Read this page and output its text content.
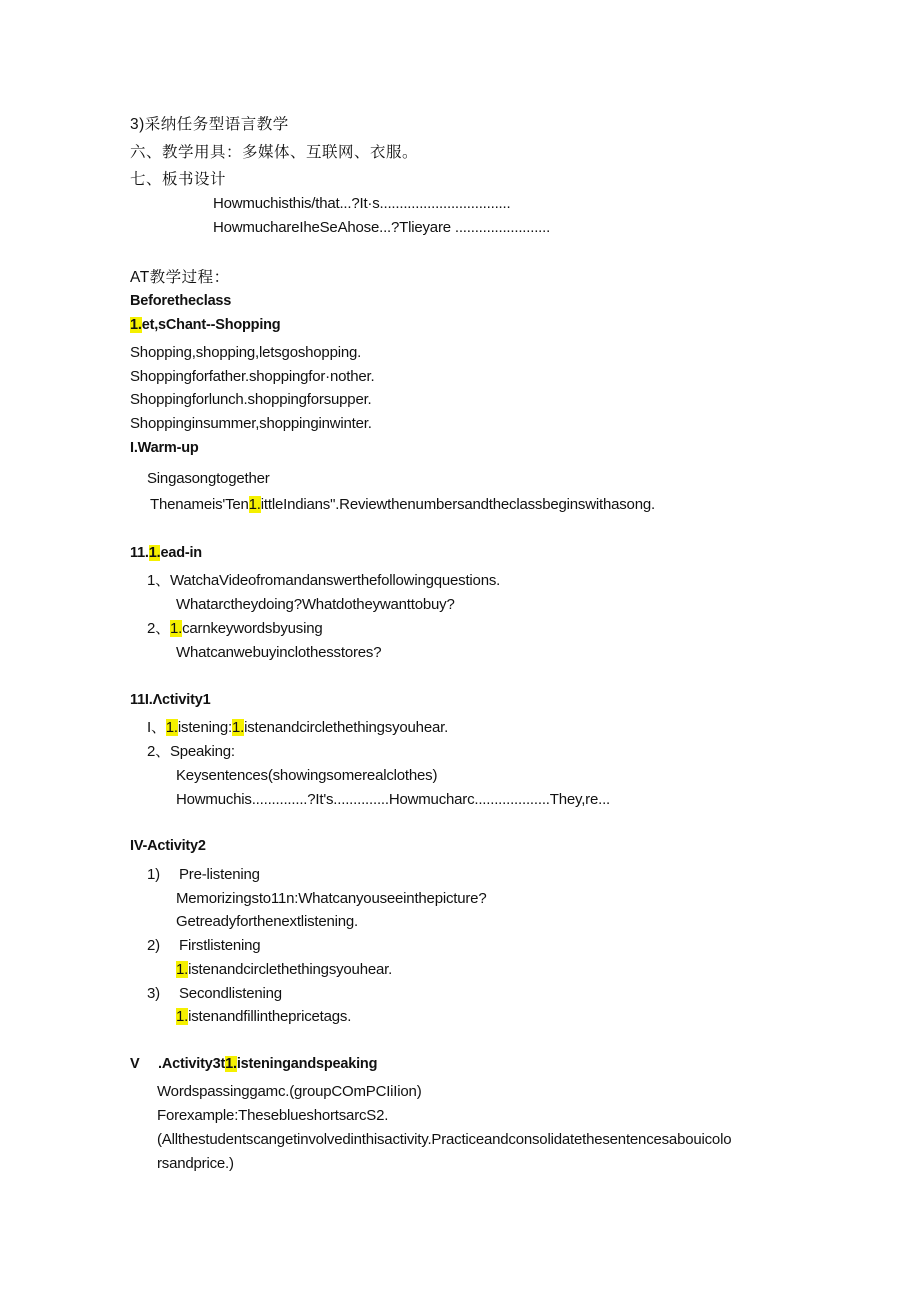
3)采纳任务型语言教学
六、教学用具：多媒体、互联网、衣服。
七、板书设计
Howmuchisthis/that...?It·s.................................
HowmuchareIheSeAhose...?Tlieyare ........................
AT教学过程：
Beforetheclass
1.et,sChant--Shopping
Shopping,shopping,letsgoshopping.
Shoppingforfather.shoppingfor·nother.
Shoppingforlunch.shoppingforsupper.
Shoppinginsummer,shoppinginwinter.
I.Warm-up
Singasongtogether
Thenameis'Ten1.ittleIndians".Reviewthenumbersandtheclassbeginswithasong.
11.1.ead-in
1、WatchaVideofromandanswerthefollowingquestions.
Whatarctheydoing?Whatdotheywanttobuy?
2、1.carnkeywordsbyusing
Whatcanwebuyinclothesstores?
11I.Λctivity1
I、1.istening:1.istenandcirclethethingsyouhear.
2、Speaking:
Keysentences(showingsomerealclothes)
Howmuchis..............?It's..............Howmucharc...................They,re...
IV-Activity2
1) Pre-listening
Memorizingsto11n:Whatcanyouseeinthepicture?
Getreadyforthenextlistening.
2) Firstlistening
1.istenandcirclethethingsyouhear.
3) Secondlistening
1.istenandfillinthepricetags.
V .Activity3t1.isteningandspeaking
Wordspassinggamc.(groupCOmPCIiIion)
Forexample:TheseblueshortsarcS2.
(Allthestudentscangetinvolvedinthisactivity.Practiceandconsolidatethesentencesabouicolo
rsandprice.)
